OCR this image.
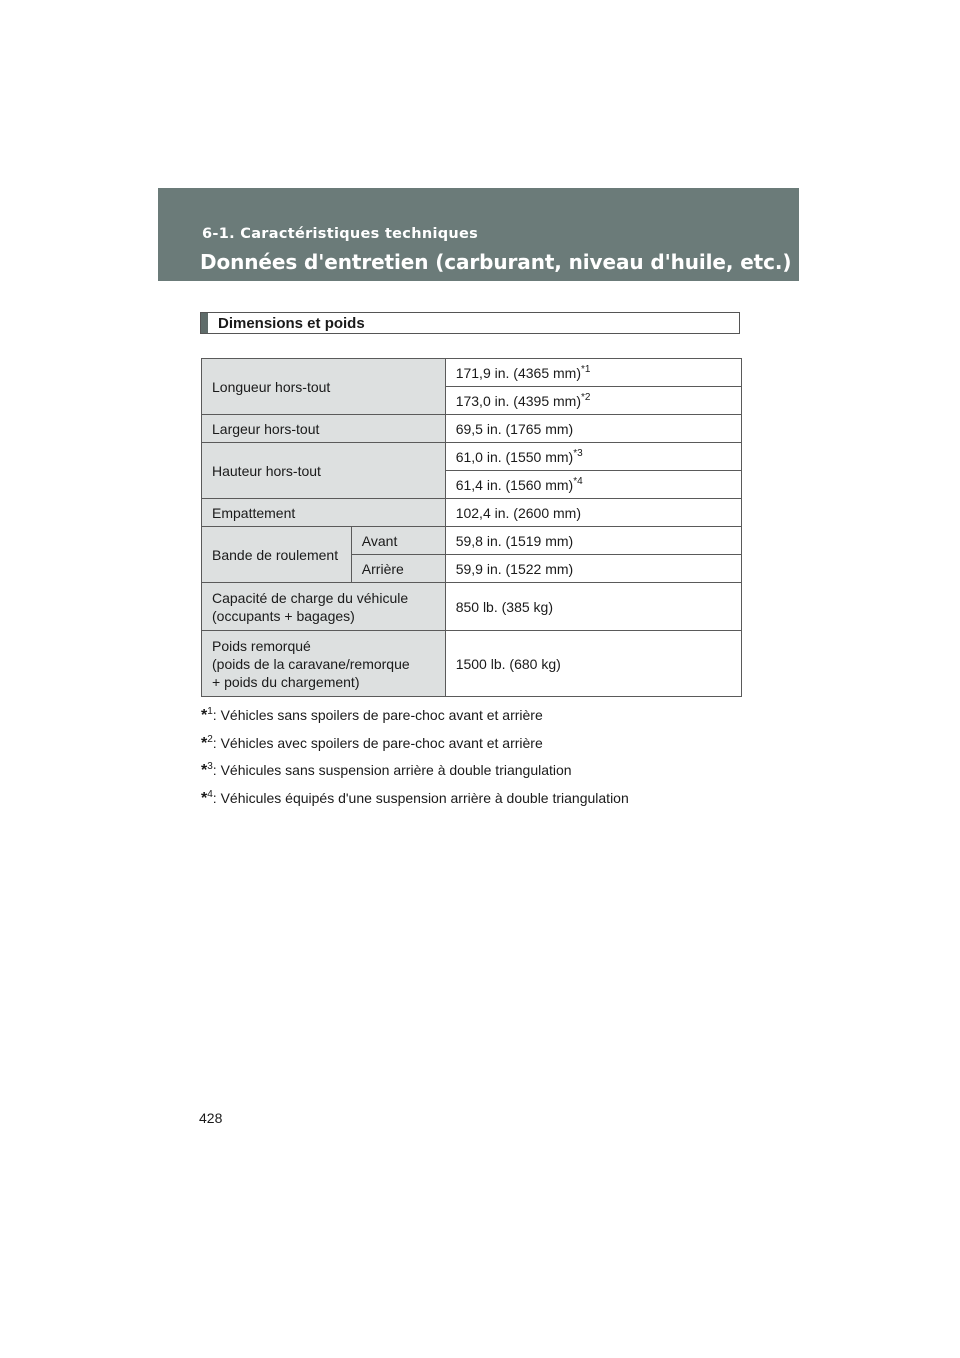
6-1. Caractéristiques techniques
Données d'entretien (carburant, niveau d'huile, etc.)
Dimensions et poids
Longueur hors-tout		171,9 in. (4365 mm)$^{*1}$
		173,0 in. (4395 mm)$^{*2}$
Largeur hors-tout		69,5 in. (1765 mm)
Hauteur hors-tout		61,0 in. (1550 mm)$^{*3}$
		61,4 in. (1560 mm)$^{*4}$
Empattement		102,4 in. (2600 mm)
Bande de roulement	Avant	59,8 in. (1519 mm)
	Arrière	59,9 in. (1522 mm)
Capacité de charge du véhicule
(occupants + bagages)		850 lb. (385 kg)
Poids remorqué
(poids de la caravane/remorque
+ poids du chargement)		1500 lb. (680 kg)
*$^1$: Véhicles sans spoilers de pare-choc avant et arrière
*$^2$: Véhicles avec spoilers de pare-choc avant et arrière
*$^3$: Véhicules sans suspension arrière à double triangulation
*$^4$: Véhicules équipés d'une suspension arrière à double triangulation
428
